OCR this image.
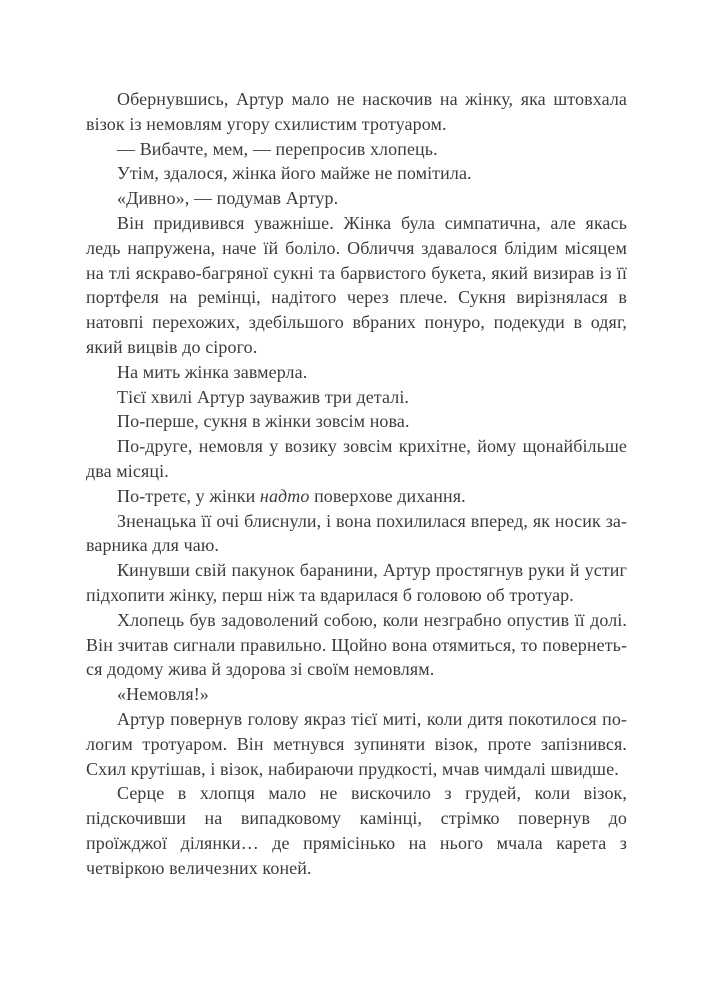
Обернувшись, Артур мало не наскочив на жінку, яка штовхала візок із немовлям угору схилистим тротуаром.

— Вибачте, мем, — перепросив хлопець.

Утім, здалося, жінка його майже не помітила.

«Дивно», — подумав Артур.

Він придивився уважніше. Жінка була симпатична, але якась ледь напружена, наче їй боліло. Обличчя здавалося блідим місяцем на тлі яскраво-багряної сукні та барвистого букета, який визирав із її портфеля на ремінці, надітого через плече. Сукня вирізнялася в натовпі перехожих, здебільшого вбраних понуро, подекуди в одяг, який вицвів до сірого.

На мить жінка завмерла.

Тієї хвилі Артур зауважив три деталі.

По-перше, сукня в жінки зовсім нова.

По-друге, немовля у возику зовсім крихітне, йому щонайбільше два місяці.

По-третє, у жінки надто поверхове дихання.

Зненацька її очі блиснули, і вона похилилася вперед, як носик заварника для чаю.

Кинувши свій пакунок баранини, Артур простягнув руки й устиг підхопити жінку, перш ніж та вдарилася б головою об тротуар.

Хлопець був задоволений собою, коли незграбно опустив її долі. Він зчитав сигнали правильно. Щойно вона отямиться, то повернеться додому жива й здорова зі своїм немовлям.

«Немовля!»

Артур повернув голову якраз тієї миті, коли дитя покотилося пологим тротуаром. Він метнувся зупиняти візок, проте запізнився. Схил крутішав, і візок, набираючи прудкості, мчав чимдалі швидше.

Серце в хлопця мало не вискочило з грудей, коли візок, підскочивши на випадковому камінці, стрімко повернув до проїжджої ділянки… де прямісінько на нього мчала карета з четвіркою величезних коней.
